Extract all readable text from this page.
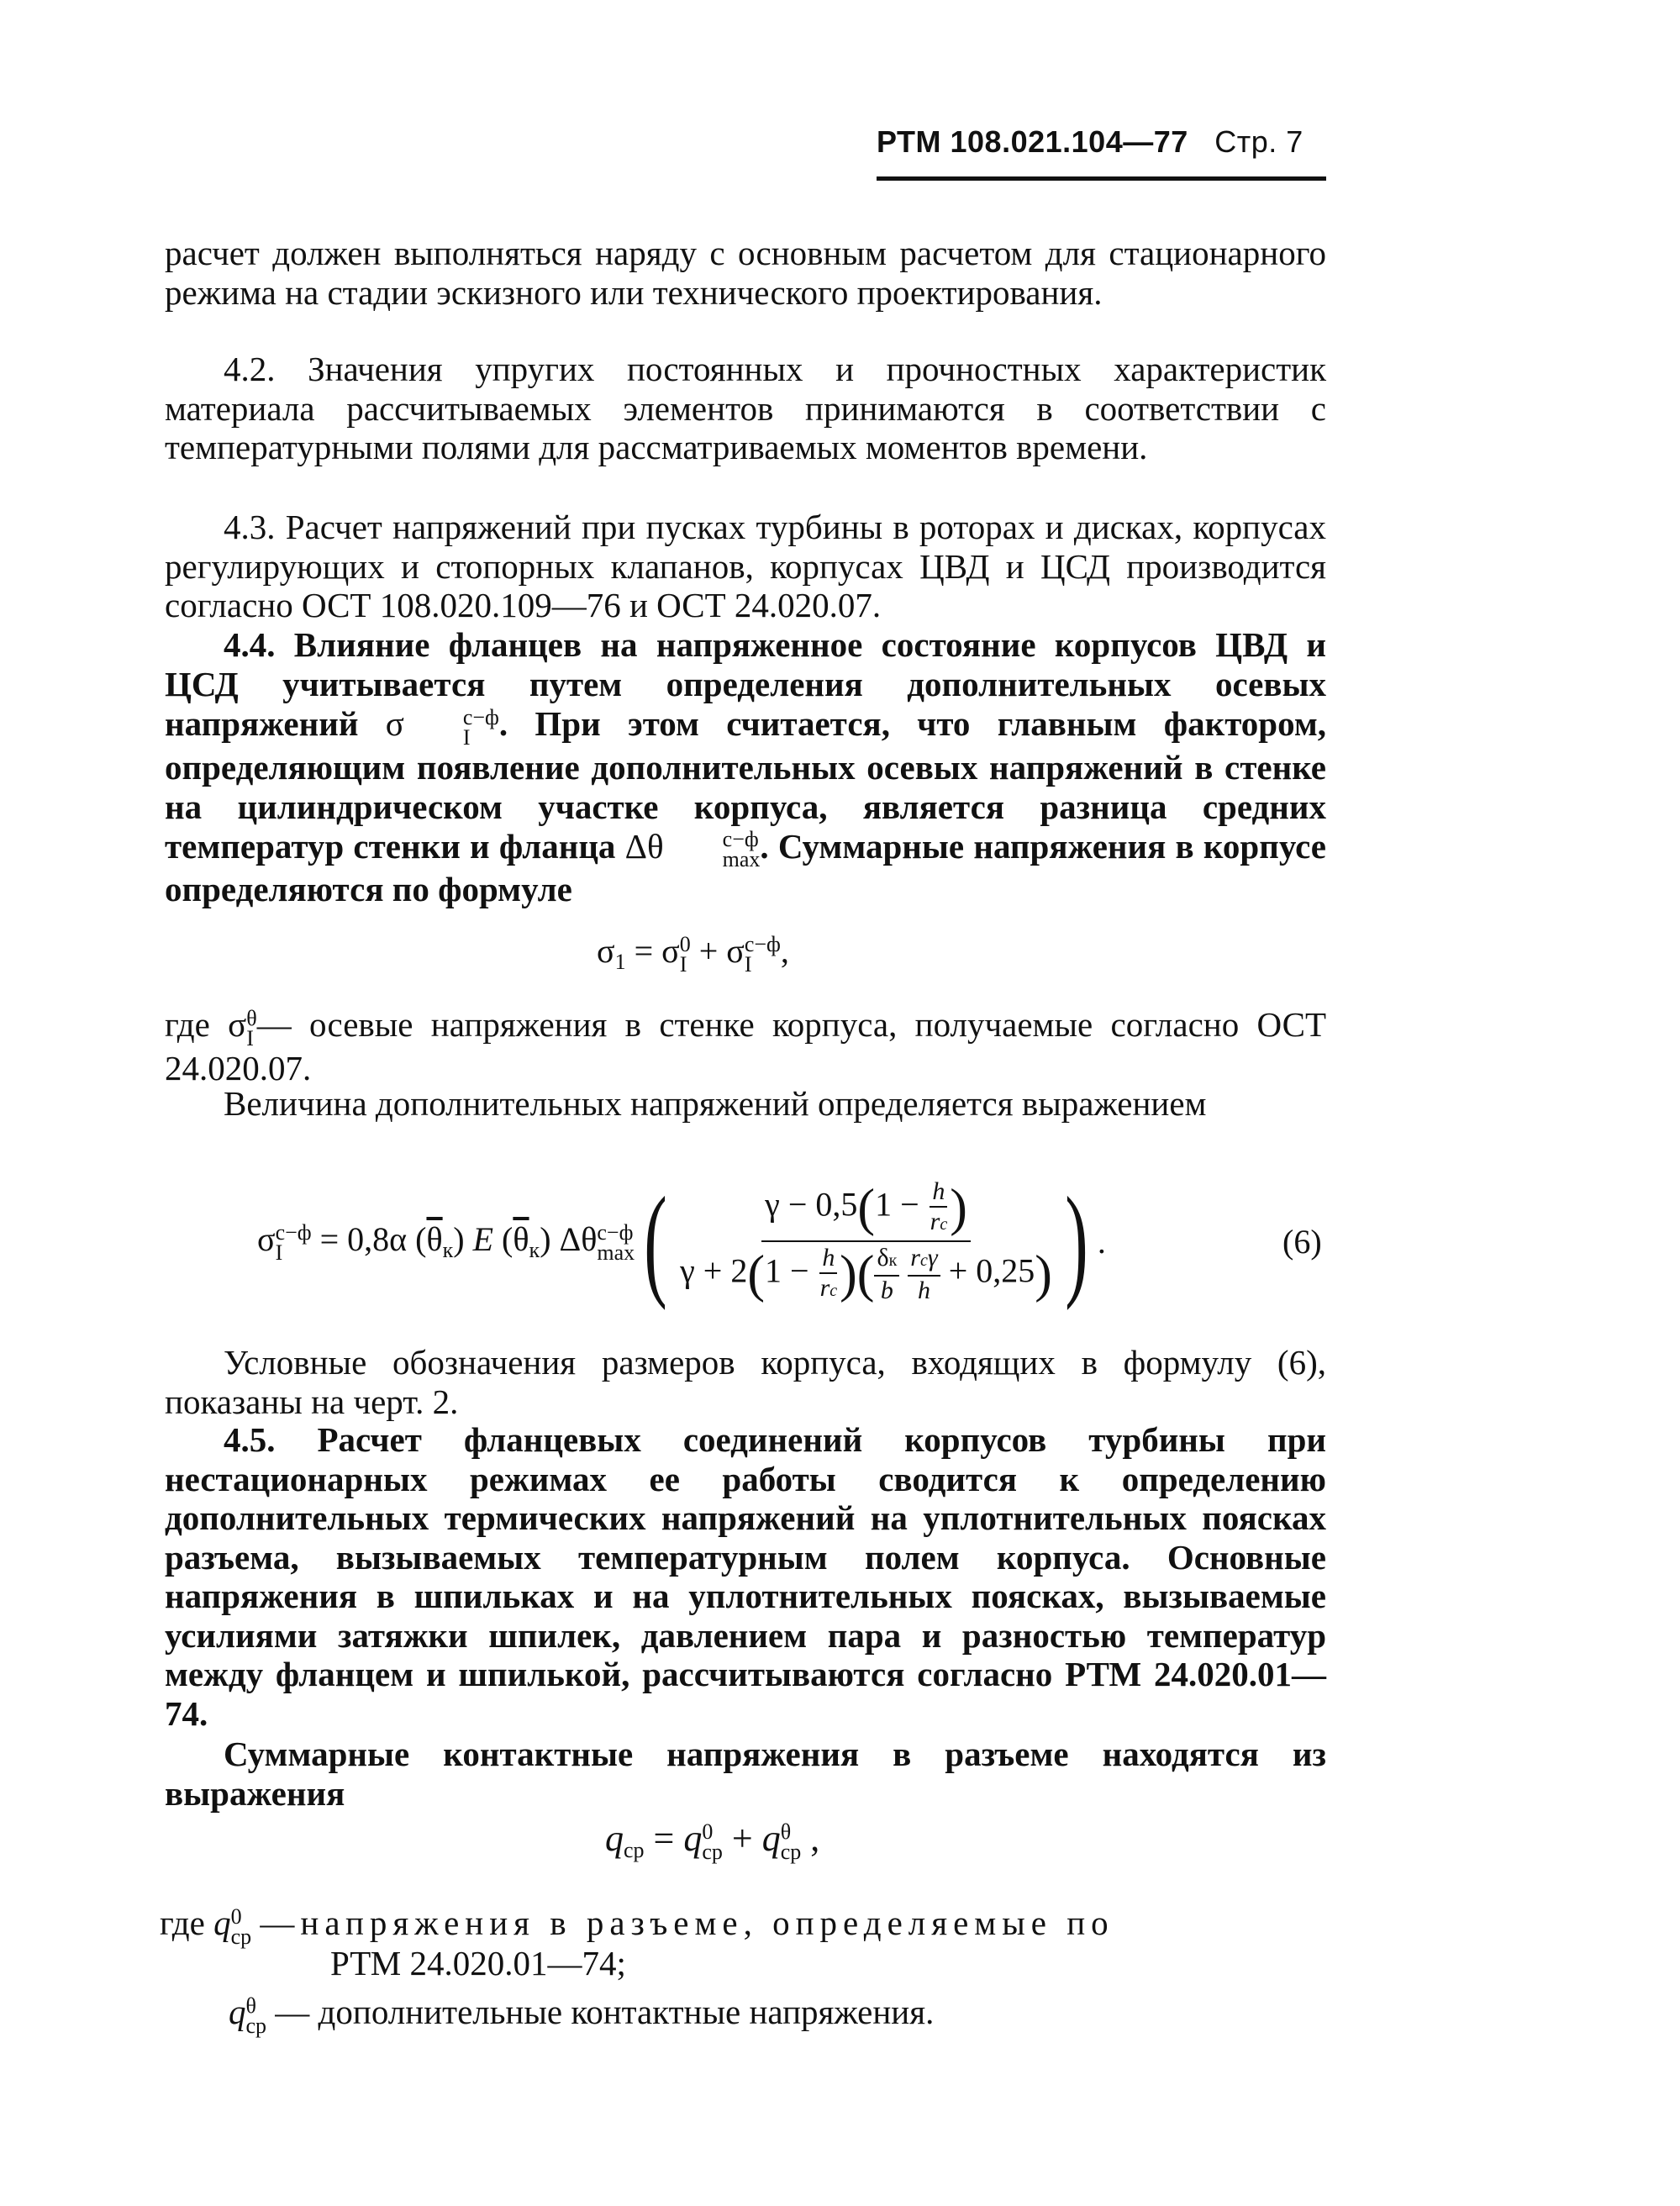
РТМ 108.021.104—77 Стр. 7
расчет должен выполняться наряду с основным расчетом для стационарного режима на стадии эскизного или технического проектирования.
4.2. Значения упругих постоянных и прочностных характеристик материала рассчитываемых элементов принимаются в соответствии с температурными полями для рассматриваемых моментов времени.
4.3. Расчет напряжений при пусках турбины в роторах и дисках, корпусах регулирующих и стопорных клапанов, корпусах ЦВД и ЦСД производится согласно ОСТ 108.020.109—76 и ОСТ 24.020.07.
4.4. Влияние фланцев на напряженное состояние корпусов ЦВД и ЦСД учитывается путем определения дополнительных осевых напряжений σ	с−ф
I . При этом считается, что главным фактором, определяющим появление дополнительных осевых напряжений в стенке на цилиндрическом участке корпуса, является разница средних температур стенки и фланца Δθ	с−ф
max . Суммарные напряжения в корпусе определяются по формуле
$\sigma_1 = \sigma$ 0
I + σ с−ф
I ,
где σ θ
I — осевые напряжения в стенке корпуса, получаемые согласно ОСТ 24.020.07.
Величина дополнительных напряжений определяется выражением
σ с−ф
I = 0,8α $(\overline{\theta}_к)$ E $(\overline{\theta}_к)$ Δθ с−ф
max ( $\gamma - 0,5(1 - \frac{h}{rc}$ )
$\gamma + 2(1 - \frac{h}{rc}$ )( $\frac{\delta к}{b}$
$\frac{\text{rcγ}}{h} + 0,25$) ) .	(6)
Условные обозначения размеров корпуса, входящих в формулу (6), показаны на черт. 2.
4.5. Расчет фланцевых соединений корпусов турбины при нестационарных режимах ее работы сводится к определению дополнительных термических напряжений на уплотнительных поясках разъема, вызываемых температурным полем корпуса. Основные напряжения в шпильках и на уплотнительных поясках, вызываемые усилиями затяжки шпилек, давлением пара и разностью температур между фланцем и шпилькой, рассчитываются согласно РТМ 24.020.01—74.
Суммарные контактные напряжения в разъеме находятся из выражения
qср = q 0
ср + q θ
ср ,
где q 0
ср —напряжения в разъеме, определяемые по
РТМ 24.020.01—74;
q θ
ср — дополнительные контактные напряжения.
